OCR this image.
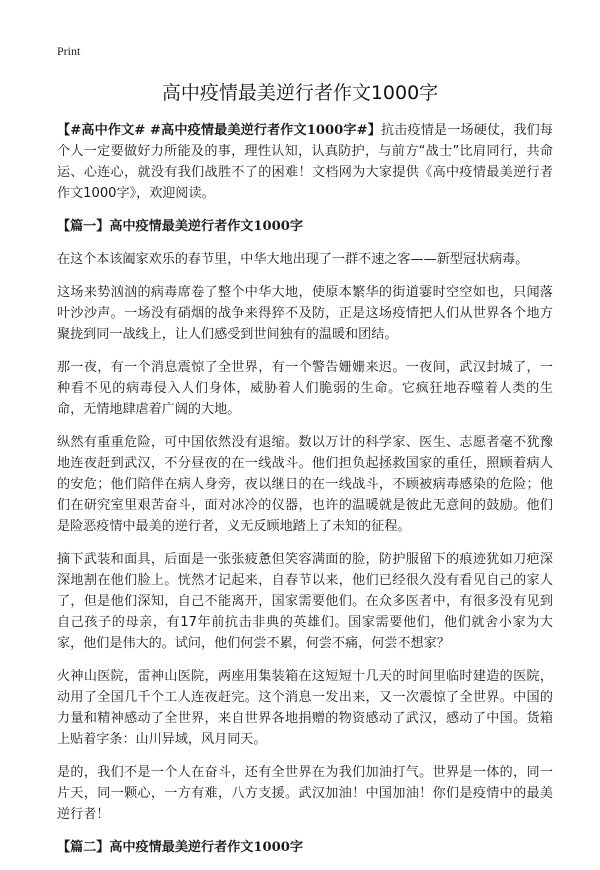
Print
高中疫情最美逆行者作文1000字

【#高中作文# #高中疫情最美逆行者作文1000字#】抗击疫情是一场硬仗，我们每个人一定要做好力所能及的事，理性认知，认真防护，与前方“战士”比肩同行，共命运、心连心，就没有我们战胜不了的困难！文档网为大家提供《高中疫情最美逆行者作文1000字》，欢迎阅读。

【篇一】高中疫情最美逆行者作文1000字

在这个本该阖家欢乐的春节里，中华大地出现了一群不速之客——新型冠状病毒。

这场来势汹汹的病毒席卷了整个中华大地，使原本繁华的街道霎时空空如也，只闻落叶沙沙声。一场没有硝烟的战争来得猝不及防，正是这场疫情把人们从世界各个地方聚拢到同一战线上，让人们感受到世间独有的温暖和团结。

那一夜，有一个消息震惊了全世界，有一个警告姗姗来迟。一夜间，武汉封城了，一种看不见的病毒侵入人们身体，威胁着人们脆弱的生命。它疯狂地吞噬着人类的生命，无情地肆虐着广阔的大地。

纵然有重重危险，可中国依然没有退缩。数以万计的科学家、医生、志愿者毫不犹豫地连夜赶到武汉，不分昼夜的在一线战斗。他们担负起拯救国家的重任，照顾着病人的安危；他们陪伴在病人身旁，夜以继日的在一线战斗，不顾被病毒感染的危险；他们在研究室里艰苦奋斗，面对冰冷的仪器，也许的温暖就是彼此无意间的鼓励。他们是险恶疫情中最美的逆行者，义无反顾地踏上了未知的征程。

摘下武装和面具，后面是一张张疲惫但笑容满面的脸，防护服留下的痕迹犹如刀疤深深地割在他们脸上。恍然才记起来，自春节以来，他们已经很久没有看见自己的家人了，但是他们深知，自己不能离开，国家需要他们。在众多医者中，有很多没有见到自己孩子的母亲，有17年前抗击非典的英雄们。国家需要他们，他们就舍小家为大家，他们是伟大的。试问，他们何尝不累，何尝不痛，何尝不想家？

火神山医院，雷神山医院，两座用集装箱在这短短十几天的时间里临时建造的医院，动用了全国几千个工人连夜赶完。这个消息一发出来，又一次震惊了全世界。中国的力量和精神感动了全世界，来自世界各地捐赠的物资感动了武汉，感动了中国。货箱上贴着字条：山川异域，风月同天。

是的，我们不是一个人在奋斗，还有全世界在为我们加油打气。世界是一体的，同一片天，同一颗心，一方有难，八方支援。武汉加油！中国加油！你们是疫情中的最美逆行者！

【篇二】高中疫情最美逆行者作文1000字
